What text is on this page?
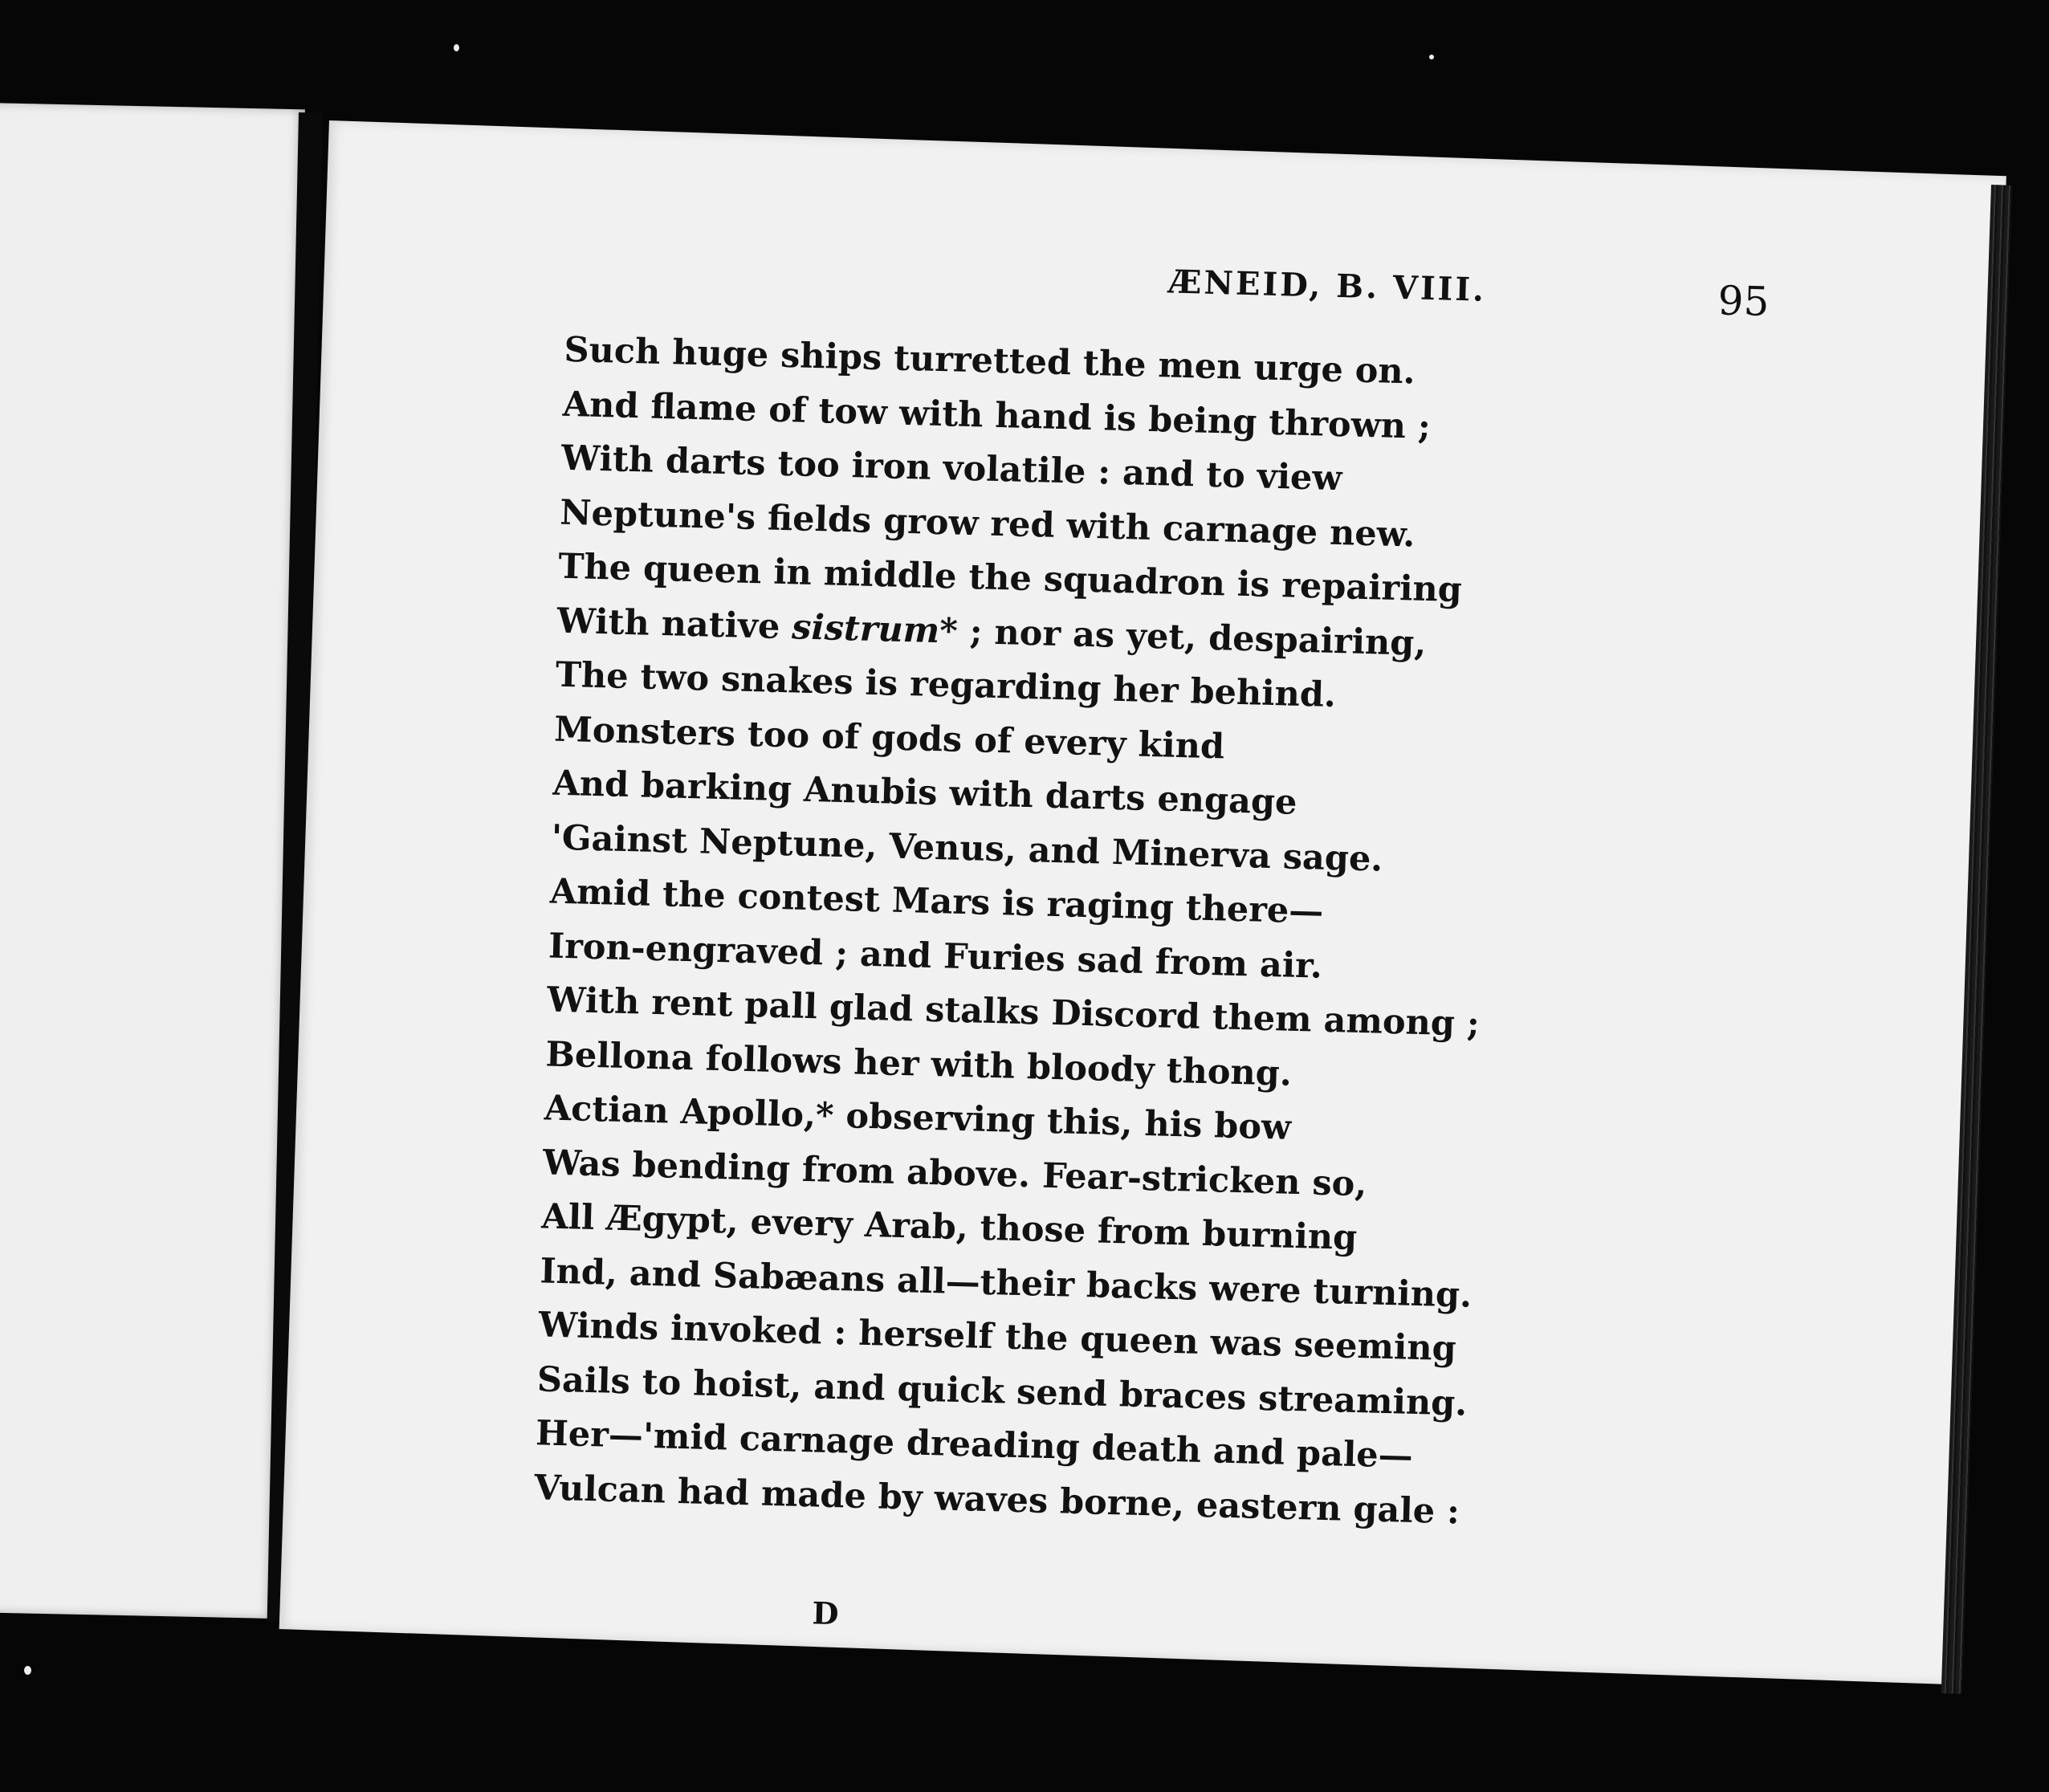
ÆNEID, B. VIII.	95
Such huge ships turretted the men urge on.
And flame of tow with hand is being thrown ;
With darts too iron volatile : and to view
Neptune's fields grow red with carnage new.
The queen in middle the squadron is repairing
With native sistrum* ; nor as yet, despairing,
The two snakes is regarding her behind.
Monsters too of gods of every kind
And barking Anubis with darts engage
'Gainst Neptune, Venus, and Minerva sage.
Amid the contest Mars is raging there—
Iron-engraved ; and Furies sad from air.
With rent pall glad stalks Discord them among ;
Bellona follows her with bloody thong.
Actian Apollo,* observing this, his bow
Was bending from above. Fear-stricken so,
All Ægypt, every Arab, those from burning
Ind, and Sabæans all—their backs were turning.
Winds invoked : herself the queen was seeming
Sails to hoist, and quick send braces streaming.
Her—'mid carnage dreading death and pale—
Vulcan had made by waves borne, eastern gale :
D
